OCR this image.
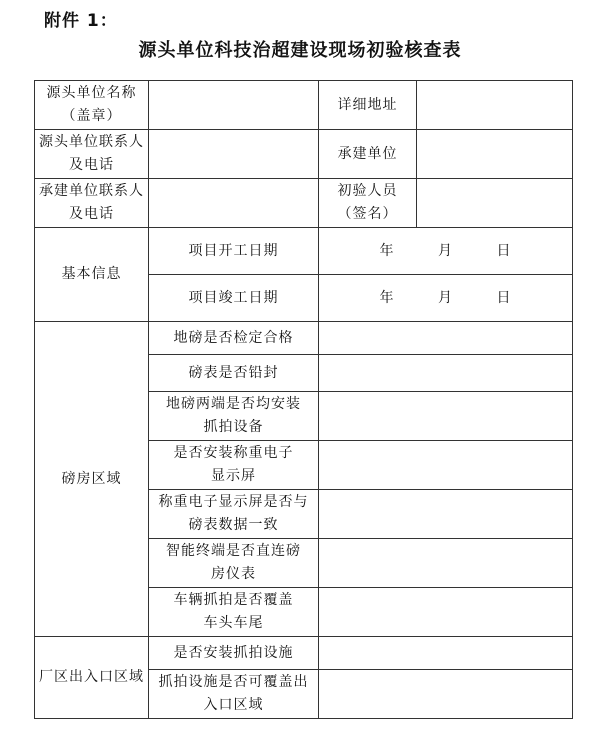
附件 1：
源头单位科技治超建设现场初验核查表
源头单位名称
（盖章）		详细地址	
源头单位联系人
及电话		承建单位	
承建单位联系人
及电话		初验人员
（签名）	
基本信息	项目开工日期	年 月 日	
	项目竣工日期	年 月 日	
磅房区域	地磅是否检定合格		
	磅表是否铅封		
	地磅两端是否均安装
抓拍设备		
	是否安装称重电子
显示屏		
	称重电子显示屏是否与
磅表数据一致		
	智能终端是否直连磅
房仪表		
	车辆抓拍是否覆盖
车头车尾		
厂区出入口区域	是否安装抓拍设施		
	抓拍设施是否可覆盖出
入口区域		
